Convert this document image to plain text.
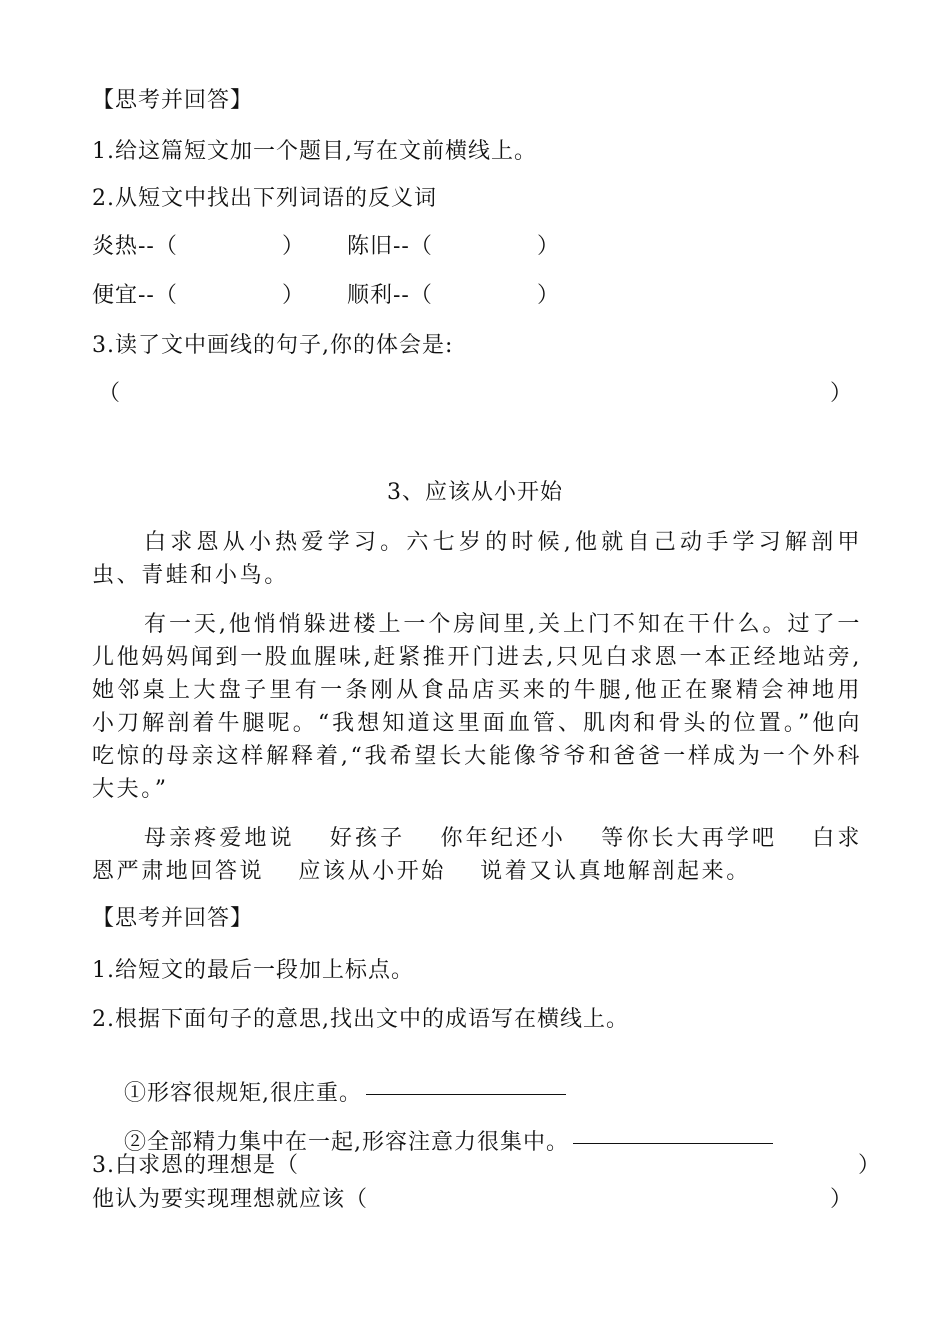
【思考并回答】
1.给这篇短文加一个题目,写在文前横线上。
2.从短文中找出下列词语的反义词
炎热--（	） 陈旧--（	）
便宜--（	） 顺利--（	）
3.读了文中画线的句子,你的体会是:
（	）
3、应该从小开始
白求恩从小热爱学习。六七岁的时候,他就自己动手学习解剖甲虫、青蛙和小鸟。
有一天,他悄悄躲进楼上一个房间里,关上门不知在干什么。过了一儿他妈妈闻到一股血腥味,赶紧推开门进去,只见白求恩一本正经地站旁,她邻桌上大盘子里有一条刚从食品店买来的牛腿,他正在聚精会神地用小刀解剖着牛腿呢。“我想知道这里面血管、肌肉和骨头的位置。”他向吃惊的母亲这样解释着,“我希望长大能像爷爷和爸爸一样成为一个外科大夫。”
母亲疼爱地说　 好孩子　 你年纪还小　 等你长大再学吧　 白求恩严肃地回答说　 应该从小开始　 说着又认真地解剖起来。
【思考并回答】
1.给短文的最后一段加上标点。
2.根据下面句子的意思,找出文中的成语写在横线上。

①形容很规矩,很庄重。

②全部精力集中在一起,形容注意力很集中。

3.白求恩的理想是（	）
他认为要实现理想就应该（	）
